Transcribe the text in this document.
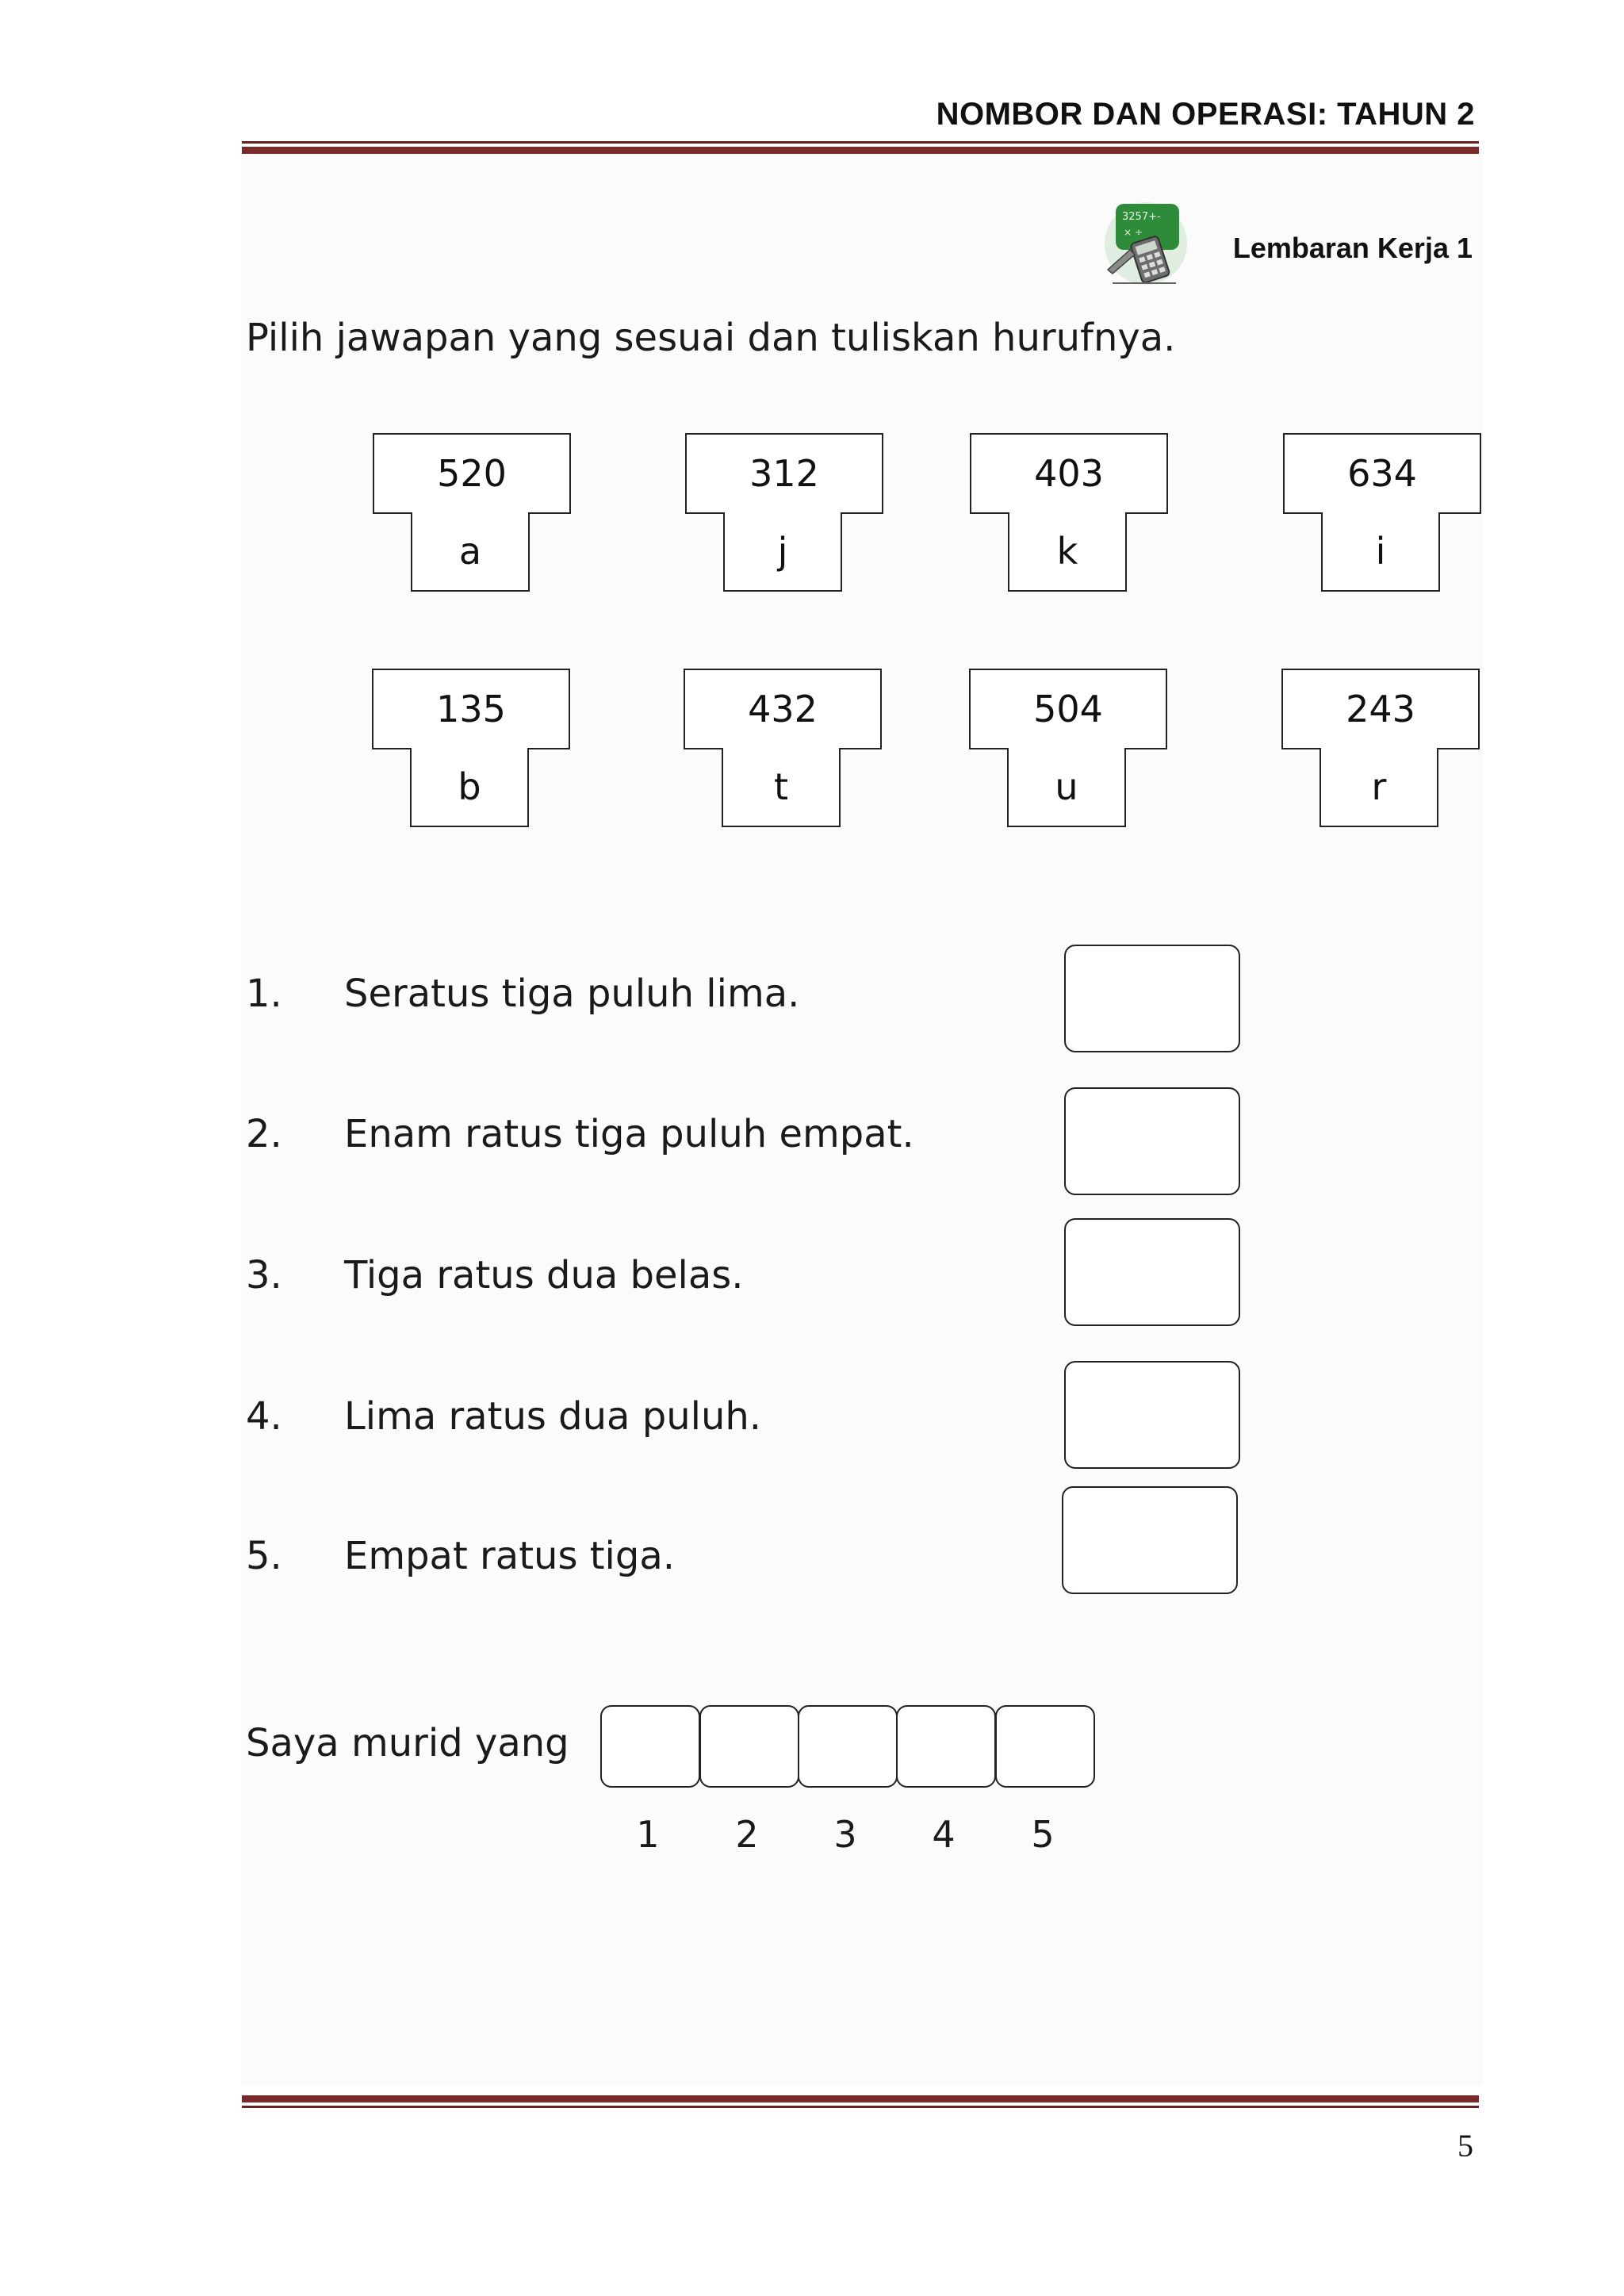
NOMBOR DAN OPERASI: TAHUN 2
3257+-
× ÷	Lembaran Kerja 1
Pilih jawapan yang sesuai dan tuliskan hurufnya.
520
a
312
j
403
k
634
i
135
b
432
t
504
u
243
r
1.	Seratus tiga puluh lima.
2.	Enam ratus tiga puluh empat.
3.	Tiga ratus dua belas.
4.	Lima ratus dua puluh.
5.	Empat ratus tiga.
Saya murid yang
1 2 3 4 5
5
